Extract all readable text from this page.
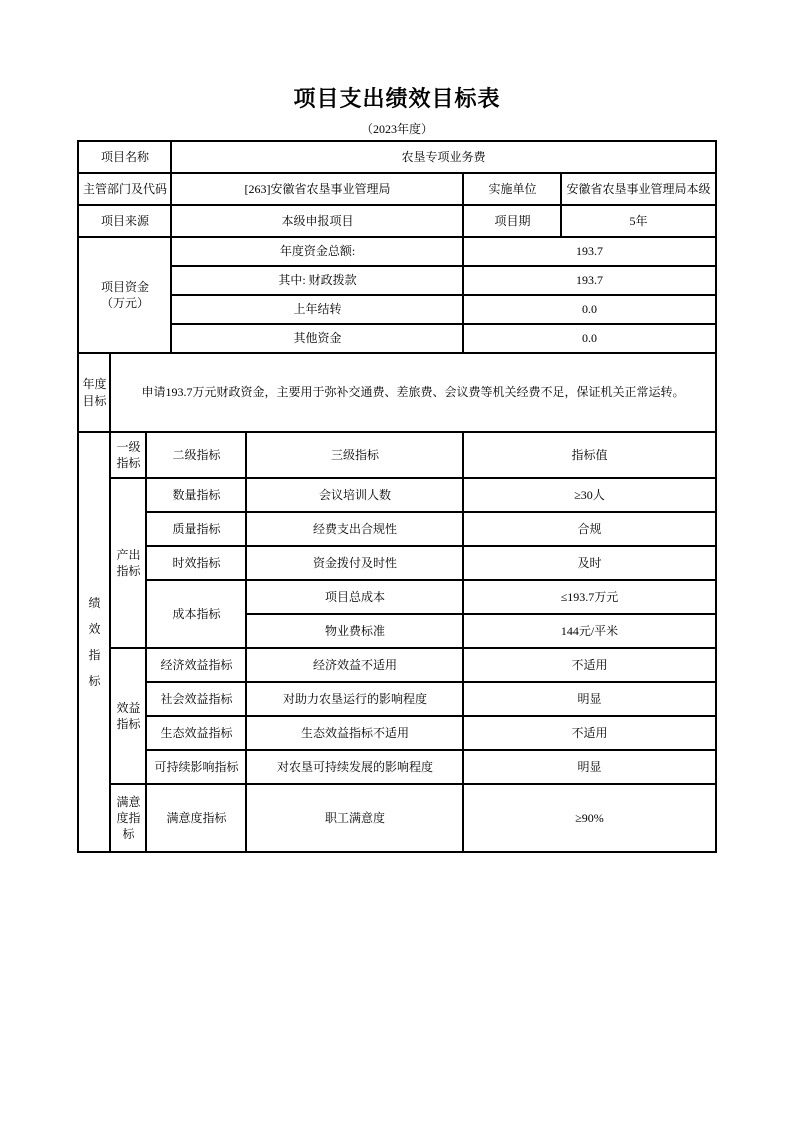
项目支出绩效目标表
（2023年度）
项目名称			农垦专项业务费			
主管部门及代码			[263]安徽省农垦事业管理局		实施单位	安徽省农垦事业管理局本级
项目来源			本级申报项目		项目期	5年
项目资金
（万元）			年度资金总额:		193.7	
			其中: 财政拨款		193.7	
			上年结转		0.0	
			其他资金		0.0	
年度目标	申请193.7万元财政资金，主要用于弥补交通费、差旅费、会议费等机关经费不足，保证机关正常运转。					
绩效指标	一级指标	二级指标		三级指标	指标值	
	产出指标	数量指标		会议培训人数	≥30人	
		质量指标		经费支出合规性	合规	
		时效指标		资金拨付及时性	及时	
		成本指标		项目总成本	≤193.7万元	
				物业费标准	144元/平米	
	效益指标	经济效益指标		经济效益不适用	不适用	
		社会效益指标		对助力农垦运行的影响程度	明显	
		生态效益指标		生态效益指标不适用	不适用	
		可持续影响指标		对农垦可持续发展的影响程度	明显	
	满意度指标	满意度指标		职工满意度	≥90%	
